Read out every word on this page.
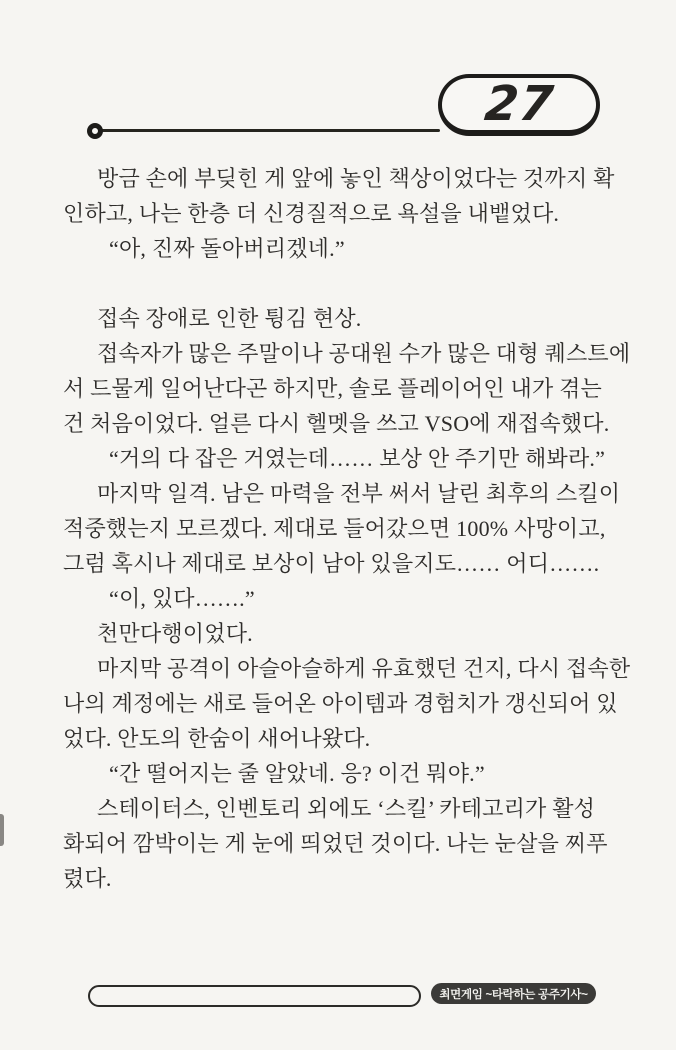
27
방금 손에 부딪힌 게 앞에 놓인 책상이었다는 것까지 확
인하고, 나는 한층 더 신경질적으로 욕설을 내뱉었다.
“아, 진짜 돌아버리겠네.”
접속 장애로 인한 튕김 현상.
접속자가 많은 주말이나 공대원 수가 많은 대형 퀘스트에
서 드물게 일어난다곤 하지만, 솔로 플레이어인 내가 겪는
건 처음이었다. 얼른 다시 헬멧을 쓰고 VSO에 재접속했다.
“거의 다 잡은 거였는데…… 보상 안 주기만 해봐라.”
마지막 일격. 남은 마력을 전부 써서 날린 최후의 스킬이
적중했는지 모르겠다. 제대로 들어갔으면 100% 사망이고,
그럼 혹시나 제대로 보상이 남아 있을지도…… 어디…….
“이, 있다…….”
천만다행이었다.
마지막 공격이 아슬아슬하게 유효했던 건지, 다시 접속한
나의 계정에는 새로 들어온 아이템과 경험치가 갱신되어 있
었다. 안도의 한숨이 새어나왔다.
“간 떨어지는 줄 알았네. 응? 이건 뭐야.”
스테이터스, 인벤토리 외에도 ‘스킬’ 카테고리가 활성
화되어 깜박이는 게 눈에 띄었던 것이다. 나는 눈살을 찌푸
렸다.
최면게임 ~타락하는 공주기사~
